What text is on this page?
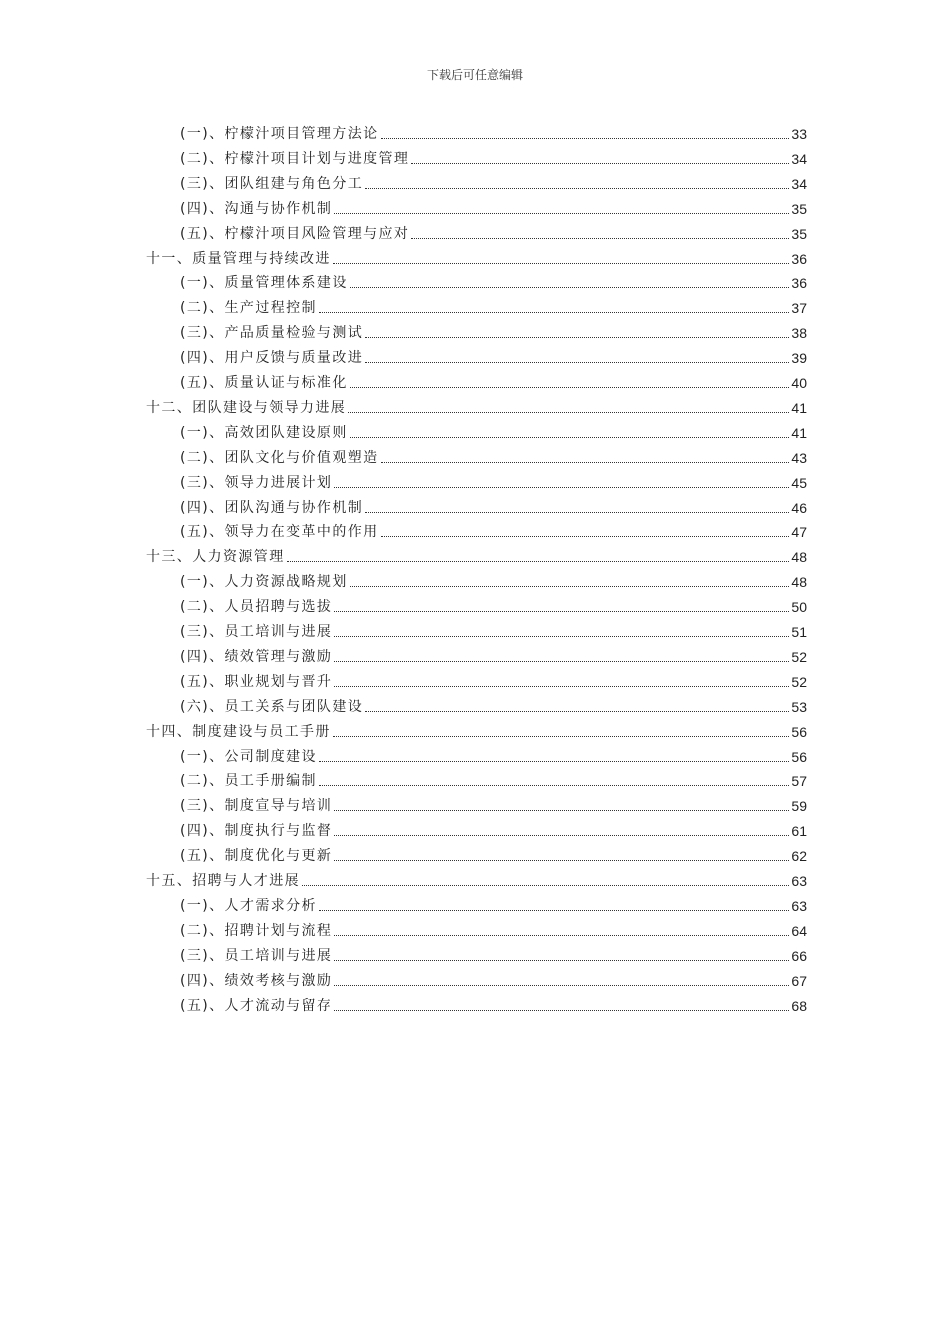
下载后可任意编辑
(一)、柠檬汁项目管理方法论	33
(二)、柠檬汁项目计划与进度管理	34
(三)、团队组建与角色分工	34
(四)、沟通与协作机制	35
(五)、柠檬汁项目风险管理与应对	35
十一、质量管理与持续改进	36
(一)、质量管理体系建设	36
(二)、生产过程控制	37
(三)、产品质量检验与测试	38
(四)、用户反馈与质量改进	39
(五)、质量认证与标准化	40
十二、团队建设与领导力进展	41
(一)、高效团队建设原则	41
(二)、团队文化与价值观塑造	43
(三)、领导力进展计划	45
(四)、团队沟通与协作机制	46
(五)、领导力在变革中的作用	47
十三、人力资源管理	48
(一)、人力资源战略规划	48
(二)、人员招聘与选拔	50
(三)、员工培训与进展	51
(四)、绩效管理与激励	52
(五)、职业规划与晋升	52
(六)、员工关系与团队建设	53
十四、制度建设与员工手册	56
(一)、公司制度建设	56
(二)、员工手册编制	57
(三)、制度宣导与培训	59
(四)、制度执行与监督	61
(五)、制度优化与更新	62
十五、招聘与人才进展	63
(一)、人才需求分析	63
(二)、招聘计划与流程	64
(三)、员工培训与进展	66
(四)、绩效考核与激励	67
(五)、人才流动与留存	68
